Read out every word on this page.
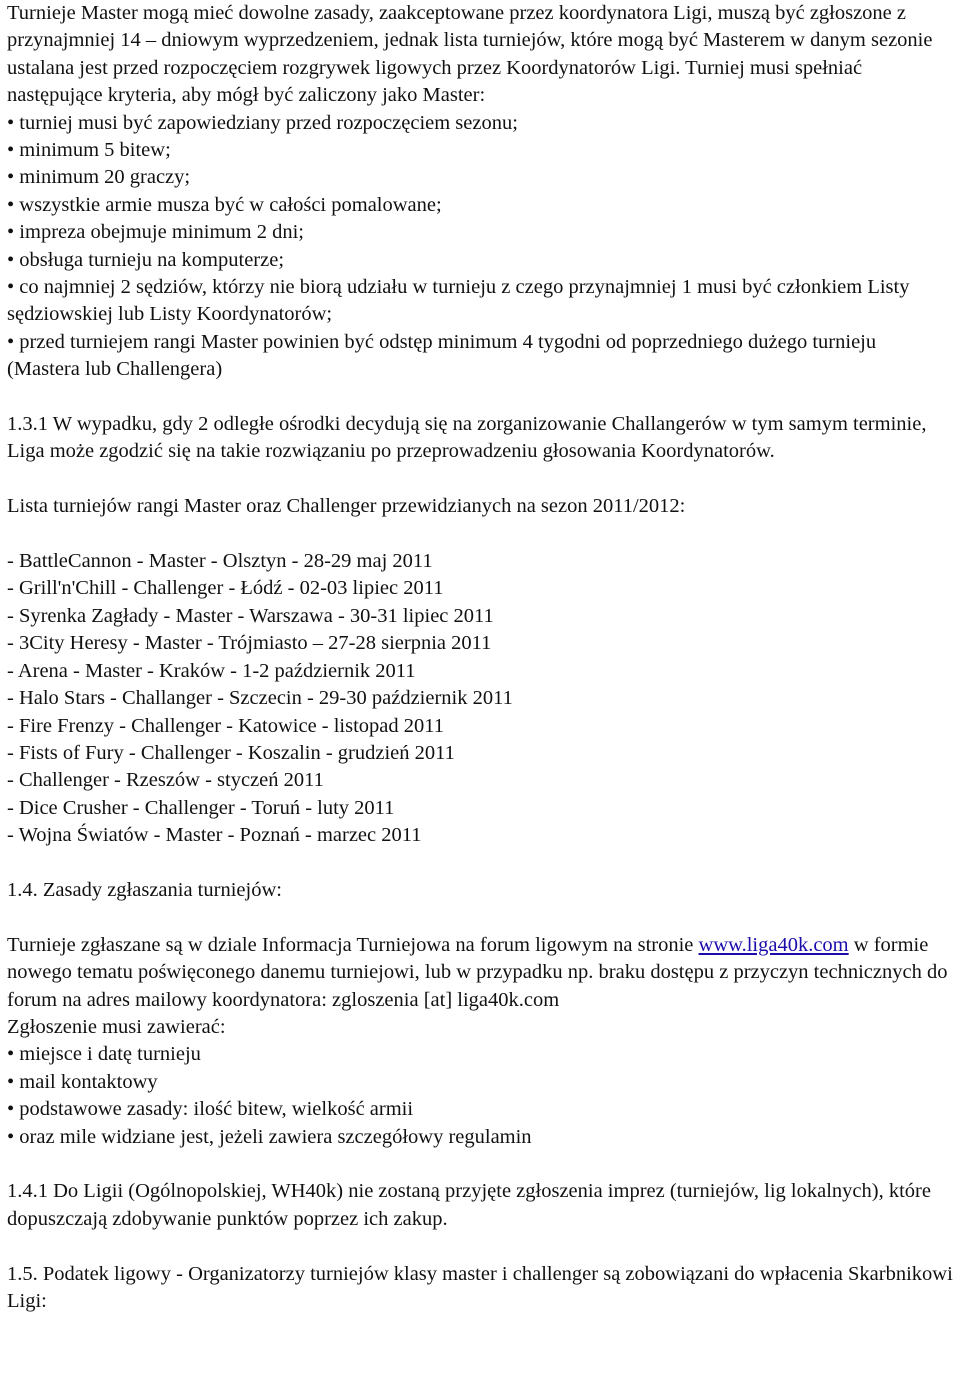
Turnieje Master mogą mieć dowolne zasady, zaakceptowane przez koordynatora Ligi, muszą być zgłoszone z przynajmniej 14 – dniowym wyprzedzeniem, jednak lista turniejów, które mogą być Masterem w danym sezonie ustalana jest przed rozpoczęciem rozgrywek ligowych przez Koordynatorów Ligi. Turniej musi spełniać następujące kryteria, aby mógł być zaliczony jako Master:

• turniej musi być zapowiedziany przed rozpoczęciem sezonu;
• minimum 5 bitew;
• minimum 20 graczy;
• wszystkie armie musza być w całości pomalowane;
• impreza obejmuje minimum 2 dni;
• obsługa turnieju na komputerze;
• co najmniej 2 sędziów, którzy nie biorą udziału w turnieju z czego przynajmniej 1 musi być członkiem Listy sędziowskiej lub Listy Koordynatorów;
• przed turniejem rangi Master powinien być odstęp minimum 4 tygodni od poprzedniego dużego turnieju (Mastera lub Challengera)

1.3.1 W wypadku, gdy 2 odległe ośrodki decydują się na zorganizowanie Challangerów w tym samym terminie, Liga może zgodzić się na takie rozwiązaniu po przeprowadzeniu głosowania Koordynatorów.

Lista turniejów rangi Master oraz Challenger przewidzianych na sezon 2011/2012:

- BattleCannon - Master - Olsztyn - 28-29 maj 2011
- Grill'n'Chill - Challenger - Łódź - 02-03 lipiec 2011
- Syrenka Zagłady - Master - Warszawa - 30-31 lipiec 2011
- 3City Heresy - Master - Trójmiasto – 27-28 sierpnia 2011
- Arena - Master - Kraków - 1-2 październik 2011
- Halo Stars - Challanger - Szczecin - 29-30 październik 2011
- Fire Frenzy - Challenger - Katowice - listopad 2011
- Fists of Fury - Challenger - Koszalin - grudzień 2011
- Challenger - Rzeszów - styczeń 2011
- Dice Crusher - Challenger - Toruń - luty 2011
- Wojna Światów - Master - Poznań - marzec 2011

1.4. Zasady zgłaszania turniejów:

Turnieje zgłaszane są w dziale Informacja Turniejowa na forum ligowym na stronie www.liga40k.com w formie nowego tematu poświęconego danemu turniejowi, lub w przypadku np. braku dostępu z przyczyn technicznych do forum na adres mailowy koordynatora: zgloszenia [at] liga40k.com

Zgłoszenie musi zawierać:
• miejsce i datę turnieju
• mail kontaktowy
• podstawowe zasady: ilość bitew, wielkość armii
• oraz mile widziane jest, jeżeli zawiera szczegółowy regulamin

1.4.1 Do Ligii (Ogólnopolskiej, WH40k) nie zostaną przyjęte zgłoszenia imprez (turniejów, lig lokalnych), które dopuszczają zdobywanie punktów poprzez ich zakup.

1.5. Podatek ligowy - Organizatorzy turniejów klasy master i challenger są zobowiązani do wpłacenia Skarbnikowi Ligi:
